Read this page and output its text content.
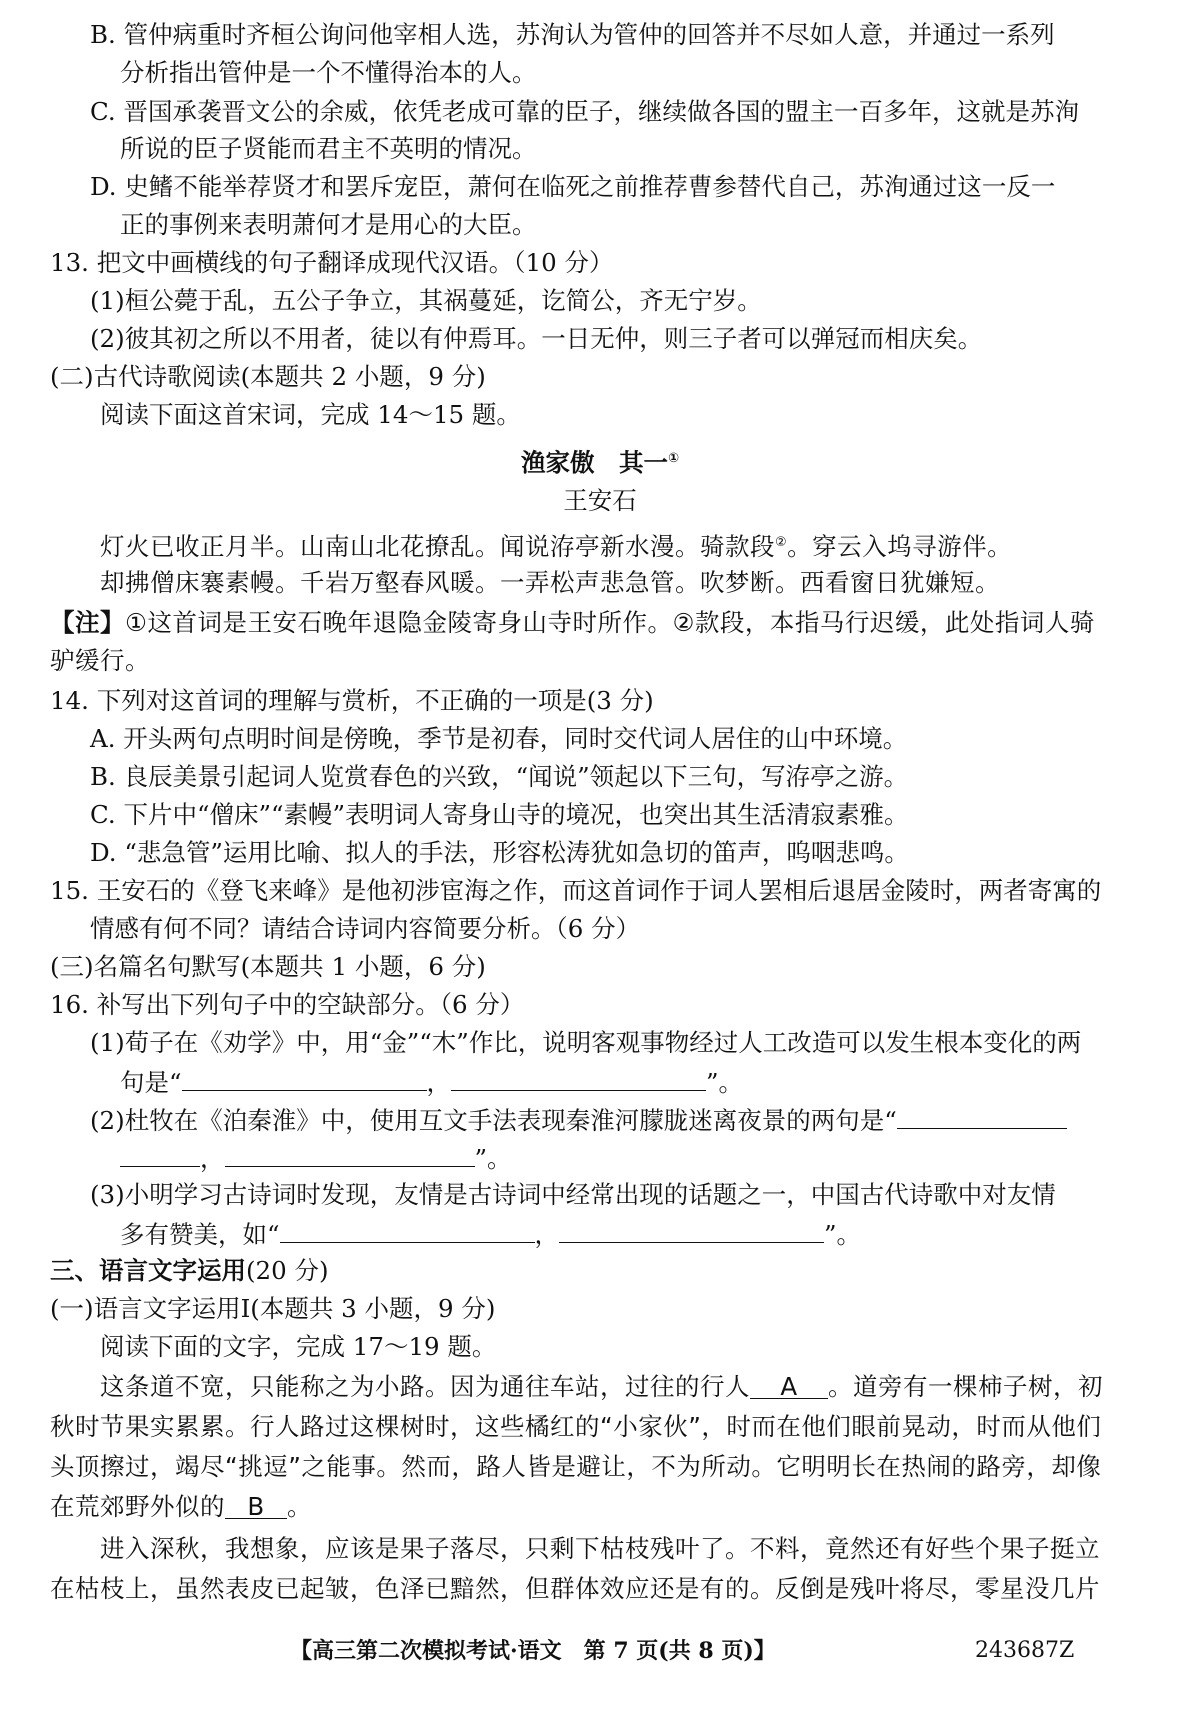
B. 管仲病重时齐桓公询问他宰相人选，苏洵认为管仲的回答并不尽如人意，并通过一系列
分析指出管仲是一个不懂得治本的人。
C. 晋国承袭晋文公的余威，依凭老成可靠的臣子，继续做各国的盟主一百多年，这就是苏洵
所说的臣子贤能而君主不英明的情况。
D. 史鳍不能举荐贤才和罢斥宠臣，萧何在临死之前推荐曹参替代自己，苏洵通过这一反一
正的事例来表明萧何才是用心的大臣。
13. 把文中画横线的句子翻译成现代汉语。（10 分）
(1)桓公薨于乱，五公子争立，其祸蔓延，讫简公，齐无宁岁。
(2)彼其初之所以不用者，徒以有仲焉耳。一日无仲，则三子者可以弹冠而相庆矣。
(二)古代诗歌阅读(本题共 2 小题，9 分)
阅读下面这首宋词，完成 14～15 题。
渔家傲　其一①
王安石
灯火已收正月半。山南山北花撩乱。闻说洊亭新水漫。骑款段②。穿云入坞寻游伴。
却拂僧床褰素幔。千岩万壑春风暖。一弄松声悲急管。吹梦断。西看窗日犹嫌短。
【注】①这首词是王安石晚年退隐金陵寄身山寺时所作。②款段，本指马行迟缓，此处指词人骑
驴缓行。
14. 下列对这首词的理解与赏析，不正确的一项是(3 分)
A. 开头两句点明时间是傍晚，季节是初春，同时交代词人居住的山中环境。
B. 良辰美景引起词人览赏春色的兴致，“闻说”领起以下三句，写洊亭之游。
C. 下片中“僧床”“素幔”表明词人寄身山寺的境况，也突出其生活清寂素雅。
D. “悲急管”运用比喻、拟人的手法，形容松涛犹如急切的笛声，呜咽悲鸣。
15. 王安石的《登飞来峰》是他初涉宦海之作，而这首词作于词人罢相后退居金陵时，两者寄寓的
情感有何不同？请结合诗词内容简要分析。（6 分）
(三)名篇名句默写(本题共 1 小题，6 分)
16. 补写出下列句子中的空缺部分。（6 分）
(1)荀子在《劝学》中，用“金”“木”作比，说明客观事物经过人工改造可以发生根本变化的两
句是“	，	”。
(2)杜牧在《泊秦淮》中，使用互文手法表现秦淮河朦胧迷离夜景的两句是“
，	”。
(3)小明学习古诗词时发现，友情是古诗词中经常出现的话题之一，中国古代诗歌中对友情
多有赞美，如“	，	”。
三、语言文字运用(20 分)
(一)语言文字运用Ⅰ(本题共 3 小题，9 分)
阅读下面的文字，完成 17～19 题。
这条道不宽，只能称之为小路。因为通往车站，过往的行人 A 。道旁有一棵柿子树，初
秋时节果实累累。行人路过这棵树时，这些橘红的“小家伙”，时而在他们眼前晃动，时而从他们
头顶擦过，竭尽“挑逗”之能事。然而，路人皆是避让，不为所动。它明明长在热闹的路旁，却像
在荒郊野外似的 B 。
进入深秋，我想象，应该是果子落尽，只剩下枯枝残叶了。不料，竟然还有好些个果子挺立
在枯枝上，虽然表皮已起皱，色泽已黯然，但群体效应还是有的。反倒是残叶将尽，零星没几片
【高三第二次模拟考试·语文　第 7 页(共 8 页)】	243687Z
